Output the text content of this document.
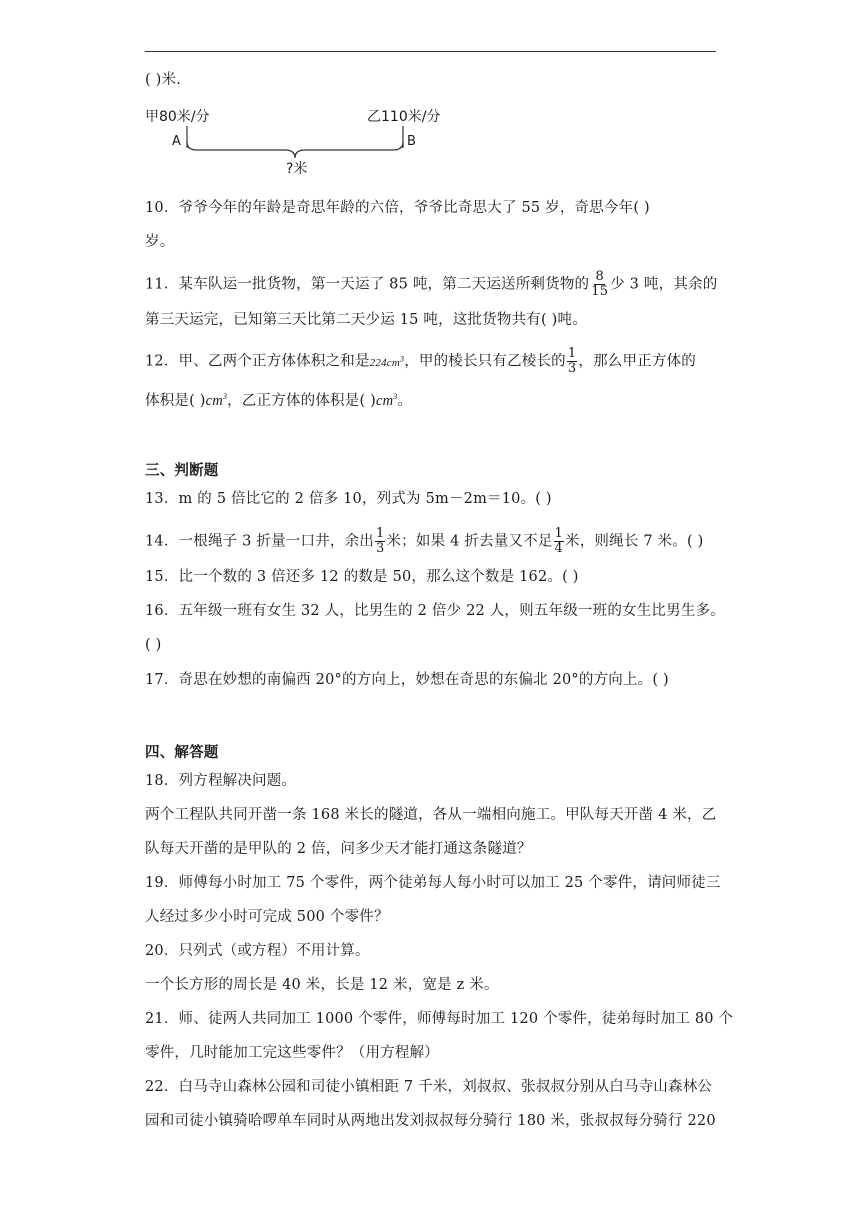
( )米.
甲80米/分	乙110米/分
A	B
?米
10．爷爷今年的年龄是奇思年龄的六倍，爷爷比奇思大了 55 岁，奇思今年( )
岁。
11．某车队运一批货物，第一天运了 85 吨，第二天运送所剩货物的 $\frac{8}{15}$ 少 3 吨，其余的
第三天运完，已知第三天比第二天少运 15 吨，这批货物共有( )吨。
12．甲、乙两个正方体体积之和是$224cm^3$，甲的棱长只有乙棱长的 $\frac{1}{3}$ ，那么甲正方体的
体积是( )$cm^3$，乙正方体的体积是( )$cm^3$。
三、判断题
13．m 的 5 倍比它的 2 倍多 10，列式为 5m－2m＝10。( )
14．一根绳子 3 折量一口井，余出 $\frac{1}{3}$ 米；如果 4 折去量又不足 $\frac{1}{4}$ 米，则绳长 7 米。( )
15．比一个数的 3 倍还多 12 的数是 50，那么这个数是 162。( )
16．五年级一班有女生 32 人，比男生的 2 倍少 22 人，则五年级一班的女生比男生多。
( )
17．奇思在妙想的南偏西 20°的方向上，妙想在奇思的东偏北 20°的方向上。( )
四、解答题
18．列方程解决问题。
两个工程队共同开凿一条 168 米长的隧道，各从一端相向施工。甲队每天开凿 4 米，乙
队每天开凿的是甲队的 2 倍，问多少天才能打通这条隧道？
19．师傅每小时加工 75 个零件，两个徒弟每人每小时可以加工 25 个零件，请问师徒三
人经过多少小时可完成 500 个零件？
20．只列式（或方程）不用计算。
一个长方形的周长是 40 米，长是 12 米，宽是 z 米。
21．师、徒两人共同加工 1000 个零件，师傅每时加工 120 个零件，徒弟每时加工 80 个
零件，几时能加工完这些零件？（用方程解）
22．白马寺山森林公园和司徒小镇相距 7 千米，刘叔叔、张叔叔分别从白马寺山森林公
园和司徒小镇骑哈啰单车同时从两地出发刘叔叔每分骑行 180 米，张叔叔每分骑行 220
